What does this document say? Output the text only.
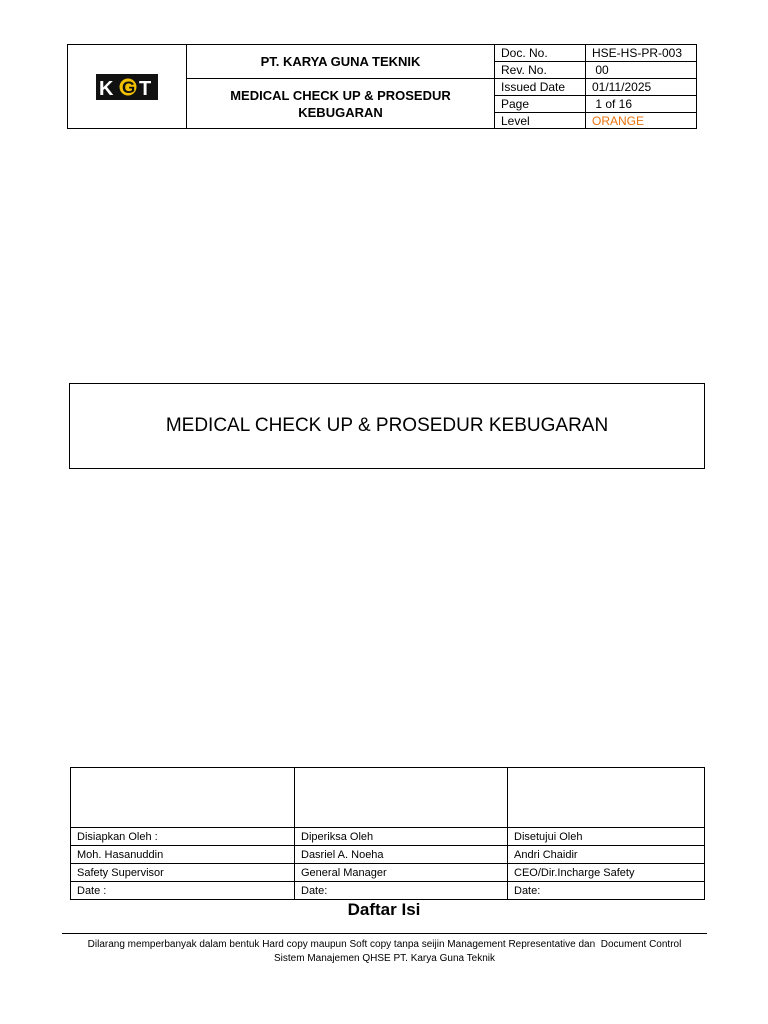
K G T
PT. KARYA GUNA TEKNIK
MEDICAL CHECK UP & PROSEDUR KEBUGARAN
Doc. No.	HSE-HS-PR-003
Rev. No.	00
Issued Date	01/11/2025
Page	1 of 16
Level	ORANGE
MEDICAL CHECK UP & PROSEDUR KEBUGARAN

Disiapkan Oleh :	Diperiksa Oleh	Disetujui Oleh
Moh. Hasanuddin	Dasriel A. Noeha	Andri Chaidir
Safety Supervisor	General Manager	CEO/Dir.Incharge Safety
Date :	Date:	Date:
Daftar Isi
Dilarang memperbanyak dalam bentuk Hard copy maupun Soft copy tanpa seijin Management Representative dan  Document Control
Sistem Manajemen QHSE PT. Karya Guna Teknik
